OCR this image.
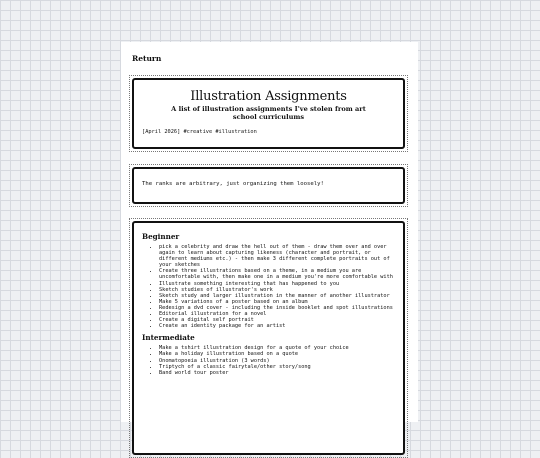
Return
Illustration Assignments
A list of illustration assignments I've stolen from art school curriculums
[April 2026] #creative #illustration
The ranks are arbitrary, just organizing them loosely!
Beginner
• pick a celebrity and draw the hell out of them - draw them over and over again to learn about capturing likeness (character and portrait, or different mediums etc.) - then make 3 different complete portraits out of your sketches
• Create three illustrations based on a theme, in a medium you are uncomfortable with, then make one in a medium you're more comfortable with
• Illustrate something interesting that has happened to you
• Sketch studies of illustrator's work
• Sketch study and larger illustration in the manner of another illustrator
• Make 5 variations of a poster based on an album
• Redesign a dvd cover - including the inside booklet and spot illustrations
• Editorial illustration for a novel
• Create a digital self portrait
• Create an identity package for an artist
Intermediate
• Make a tshirt illustration design for a quote of your choice
• Make a holiday illustration based on a quote
• Onomatopoeia illustration (3 words)
• Triptych of a classic fairytale/other story/song
• Band world tour poster
